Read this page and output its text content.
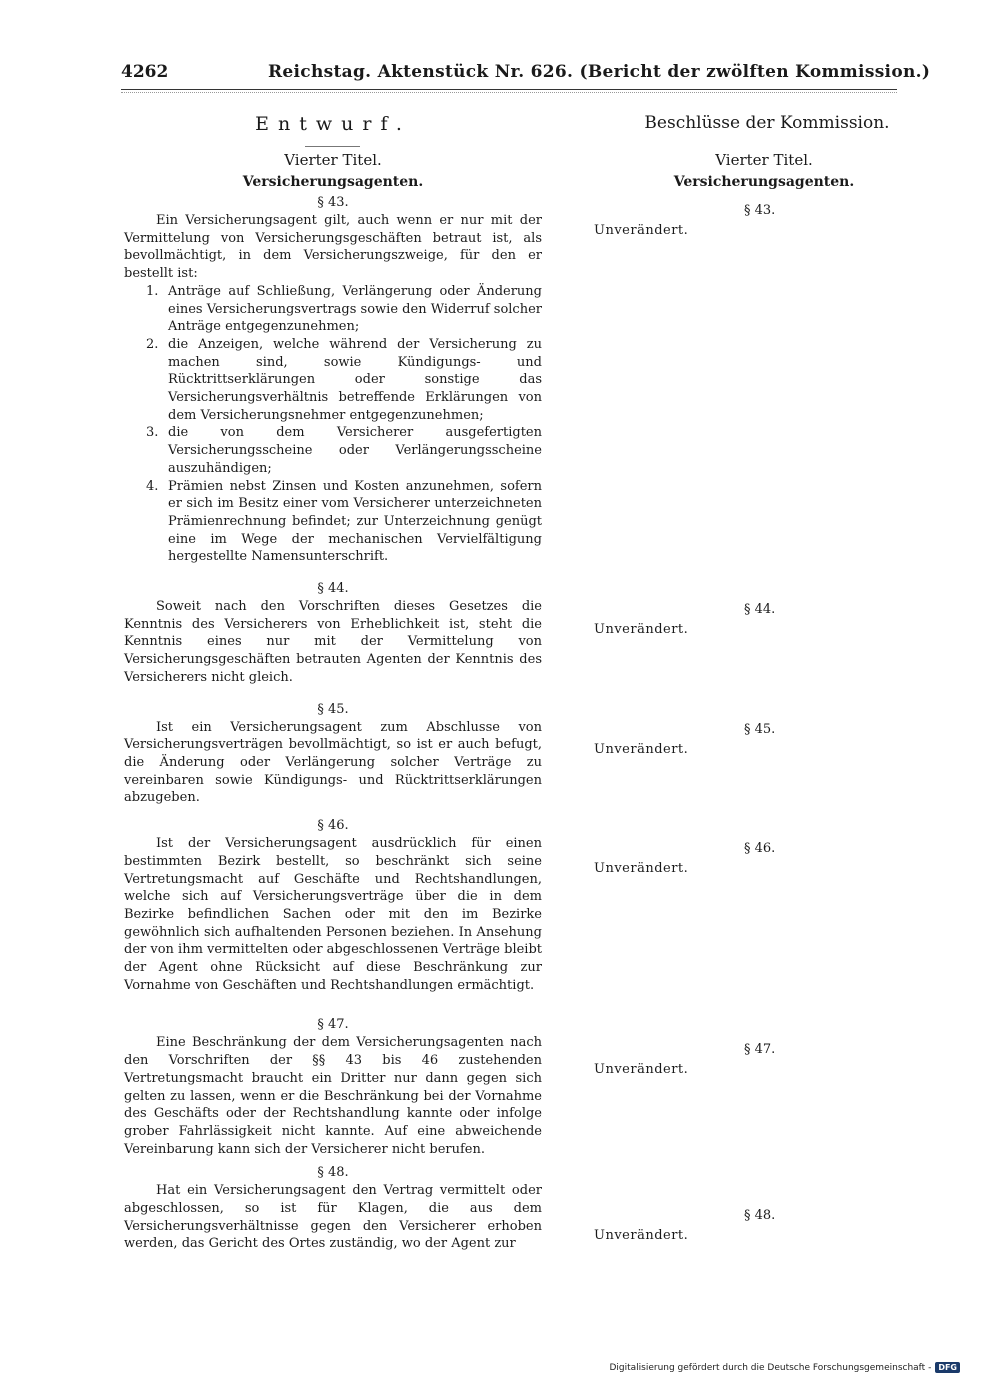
4262	Reichstag. Aktenstück Nr. 626. (Bericht der zwölften Kommission.)
Entwurf.	Beschlüsse der Kommission.

Vierter Titel.

Versicherungsagenten.

§ 43.

Ein Versicherungsagent gilt, auch wenn er nur mit der Vermittelung von Versicherungsgeschäften betraut ist, als bevollmächtigt, in dem Versicherungszweige, für den er bestellt ist:

1. Anträge auf Schließung, Verlängerung oder Änderung eines Versicherungsvertrags sowie den Widerruf solcher Anträge entgegenzunehmen;
2. die Anzeigen, welche während der Versicherung zu machen sind, sowie Kündigungs- und Rücktrittserklärungen oder sonstige das Versicherungsverhältnis betreffende Erklärungen von dem Versicherungsnehmer entgegenzunehmen;
3. die von dem Versicherer ausgefertigten Versicherungsscheine oder Verlängerungsscheine auszuhändigen;
4. Prämien nebst Zinsen und Kosten anzunehmen, sofern er sich im Besitz einer vom Versicherer unterzeichneten Prämienrechnung befindet; zur Unterzeichnung genügt eine im Wege der mechanischen Vervielfältigung hergestellte Namensunterschrift.

§ 44.

Soweit nach den Vorschriften dieses Gesetzes die Kenntnis des Versicherers von Erheblichkeit ist, steht die Kenntnis eines nur mit der Vermittelung von Versicherungsgeschäften betrauten Agenten der Kenntnis des Versicherers nicht gleich.

§ 45.

Ist ein Versicherungsagent zum Abschlusse von Versicherungsverträgen bevollmächtigt, so ist er auch befugt, die Änderung oder Verlängerung solcher Verträge zu vereinbaren sowie Kündigungs- und Rücktrittserklärungen abzugeben.

§ 46.

Ist der Versicherungsagent ausdrücklich für einen bestimmten Bezirk bestellt, so beschränkt sich seine Vertretungsmacht auf Geschäfte und Rechtshandlungen, welche sich auf Versicherungsverträge über die in dem Bezirke befindlichen Sachen oder mit den im Bezirke gewöhnlich sich aufhaltenden Personen beziehen. In Ansehung der von ihm vermittelten oder abgeschlossenen Verträge bleibt der Agent ohne Rücksicht auf diese Beschränkung zur Vornahme von Geschäften und Rechtshandlungen ermächtigt.

§ 47.

Eine Beschränkung der dem Versicherungsagenten nach den Vorschriften der §§ 43 bis 46 zustehenden Vertretungsmacht braucht ein Dritter nur dann gegen sich gelten zu lassen, wenn er die Beschränkung bei der Vornahme des Geschäfts oder der Rechtshandlung kannte oder infolge grober Fahrlässigkeit nicht kannte. Auf eine abweichende Vereinbarung kann sich der Versicherer nicht berufen.

§ 48.

Hat ein Versicherungsagent den Vertrag vermittelt oder abgeschlossen, so ist für Klagen, die aus dem Versicherungsverhältnisse gegen den Versicherer erhoben werden, das Gericht des Ortes zuständig, wo der Agent zur

Vierter Titel.

Versicherungsagenten.

§ 43.
Unverändert.
§ 44.
Unverändert.
§ 45.
Unverändert.
§ 46.
Unverändert.
§ 47.
Unverändert.
§ 48.
Unverändert.
Digitalisierung gefördert durch die Deutsche Forschungsgemeinschaft - DFG
